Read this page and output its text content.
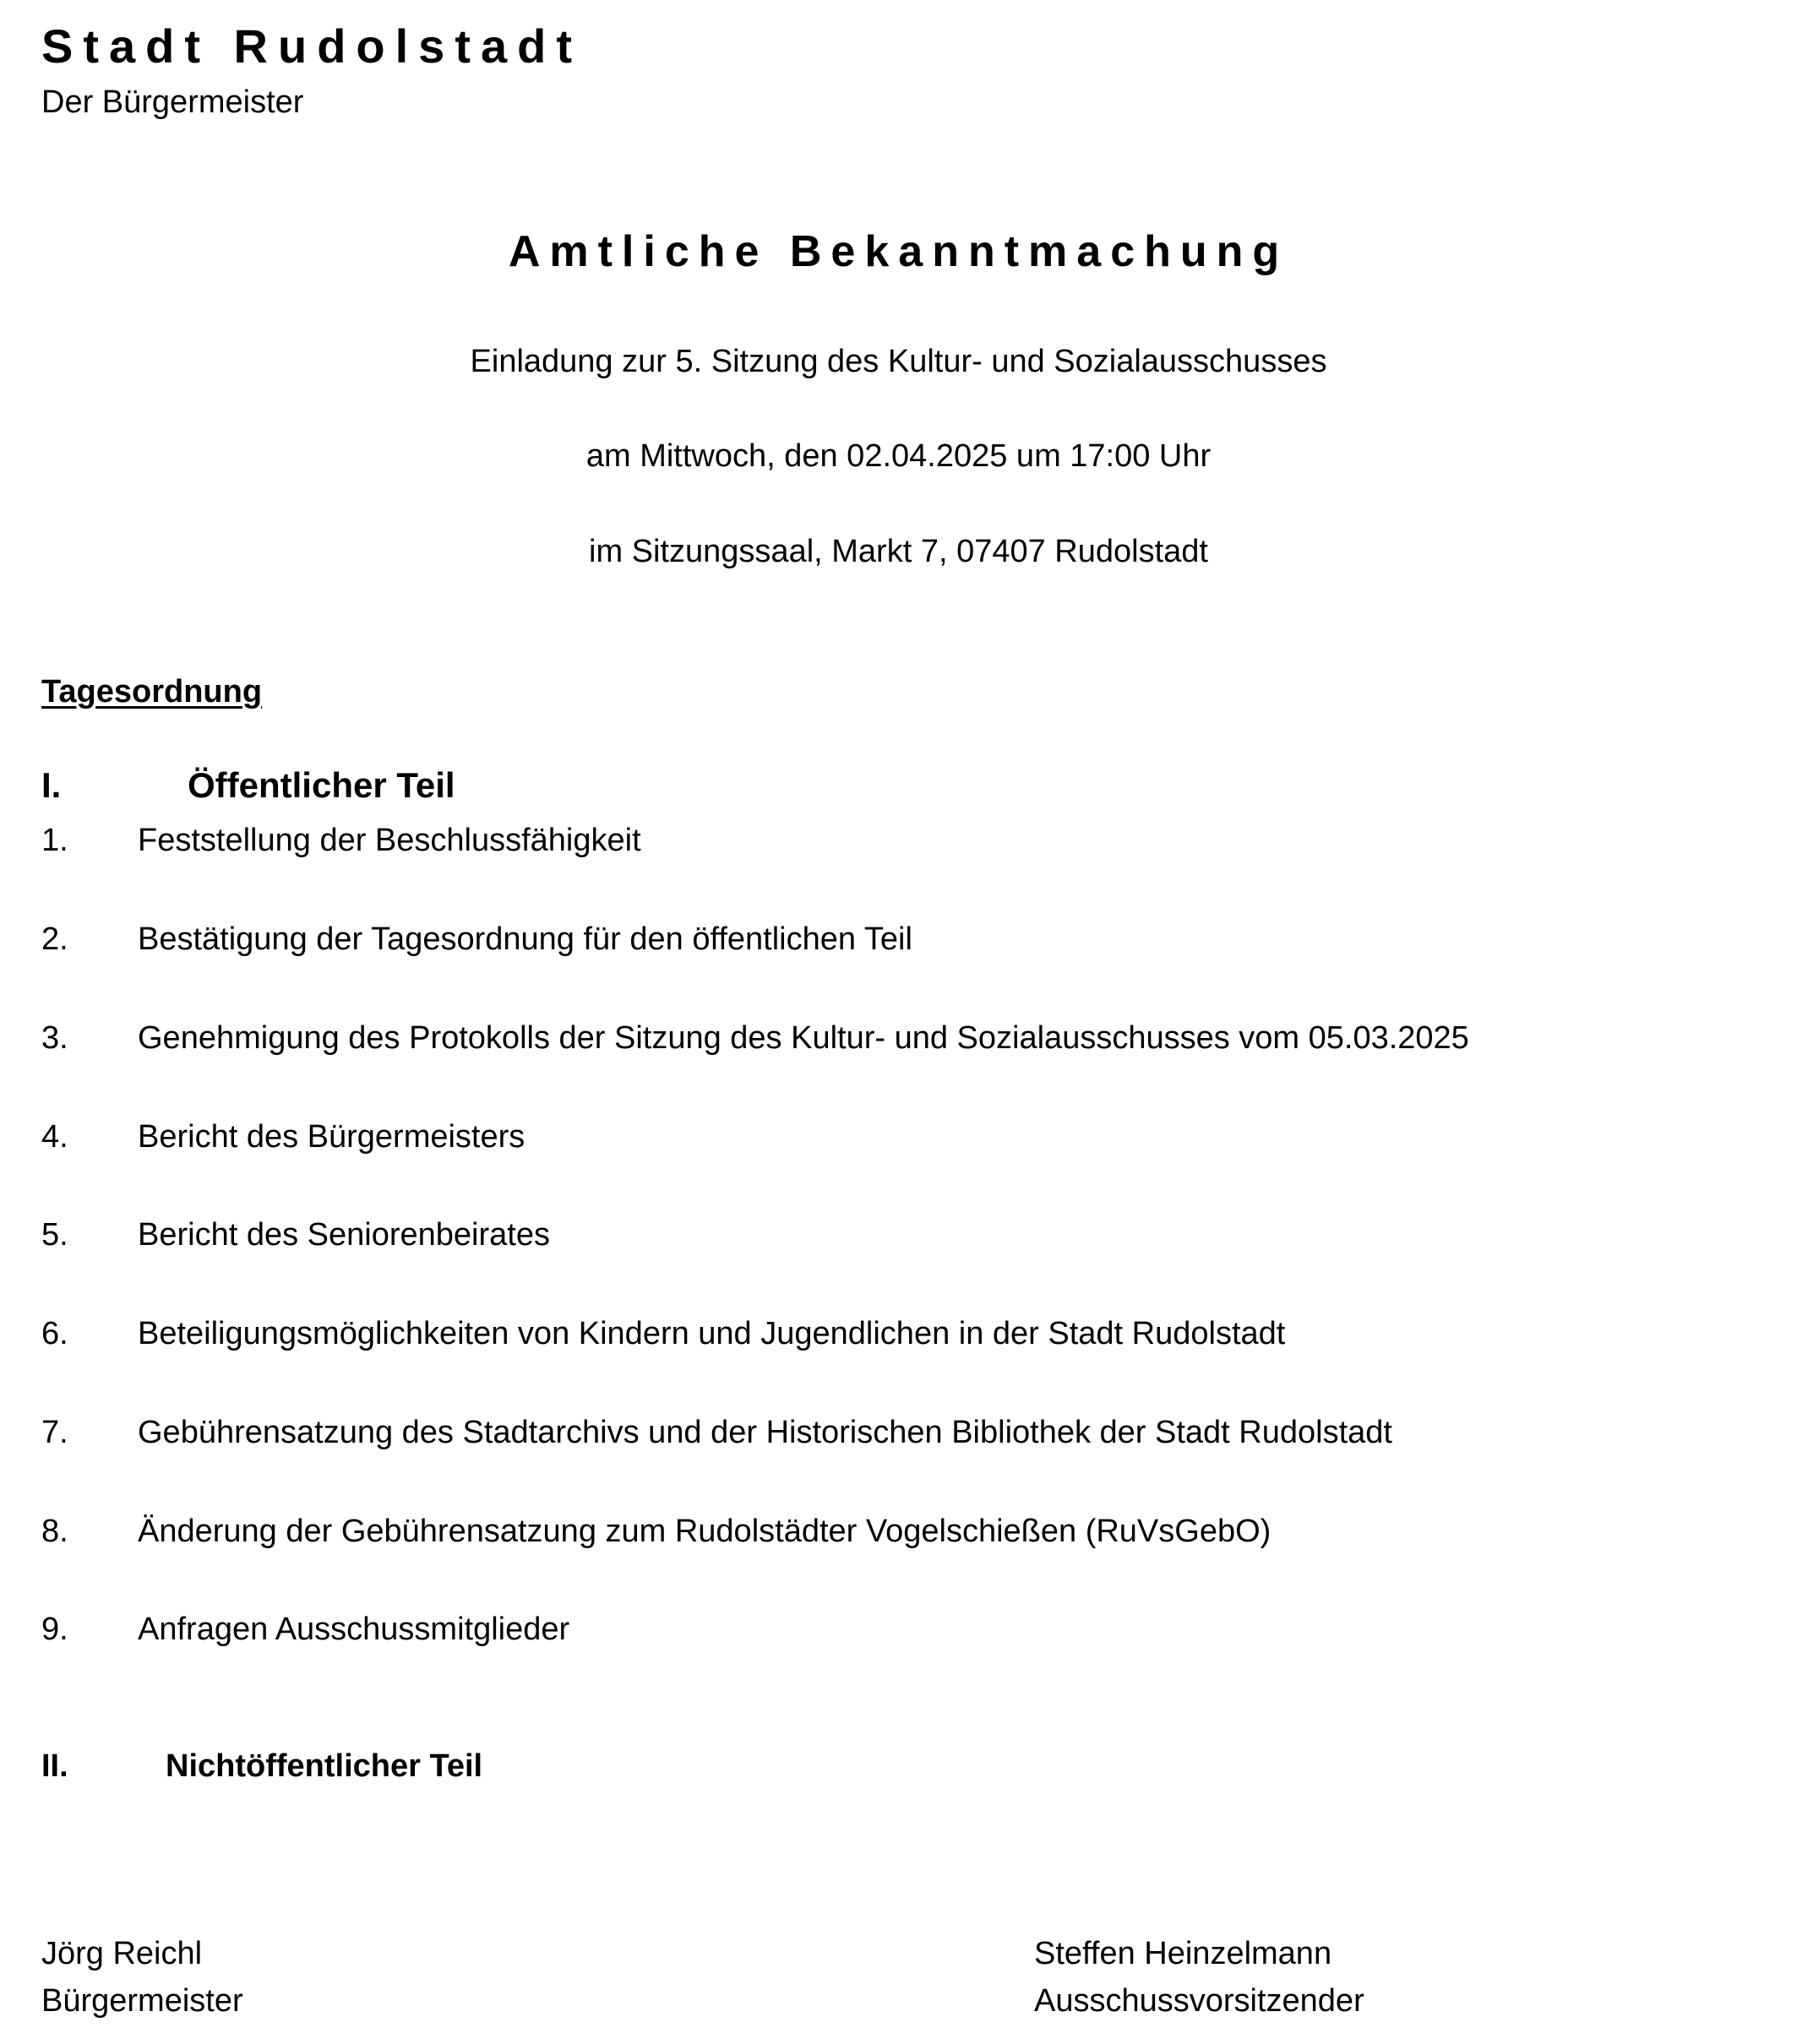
Stadt Rudolstadt
Der Bürgermeister
Amtliche Bekanntmachung
Einladung zur 5. Sitzung des Kultur- und Sozialausschusses
am Mittwoch, den 02.04.2025 um 17:00 Uhr
im Sitzungssaal, Markt 7, 07407 Rudolstadt
Tagesordnung
I.	Öffentlicher Teil
1. Feststellung der Beschlussfähigkeit
2. Bestätigung der Tagesordnung für den öffentlichen Teil
3. Genehmigung des Protokolls der Sitzung des Kultur- und Sozialausschusses vom 05.03.2025
4. Bericht des Bürgermeisters
5. Bericht des Seniorenbeirates
6. Beteiligungsmöglichkeiten von Kindern und Jugendlichen in der Stadt Rudolstadt
7. Gebührensatzung des Stadtarchivs und der Historischen Bibliothek der Stadt Rudolstadt
8. Änderung der Gebührensatzung zum Rudolstädter Vogelschießen (RuVsGebO)
9. Anfragen Ausschussmitglieder
II.	Nichtöffentlicher Teil
Jörg Reichl
Bürgermeister
Steffen Heinzelmann
Ausschussvorsitzender
